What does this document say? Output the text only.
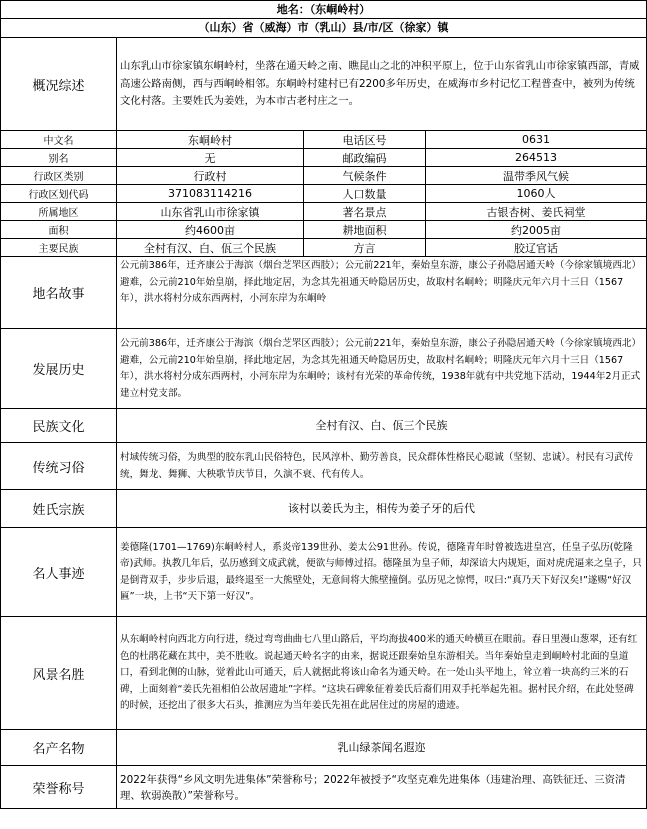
地名：（东峒岭村）			
（山东）省（威海）市（乳山）县/市/区（徐家）镇			
概况综述	山东乳山市徐家镇东峒岭村，坐落在通天岭之南、瞧昆山之北的冲积平原上，位于山东省乳山市徐家镇西部，青威高速公路南侧，西与西峒岭相邻。东峒岭村建村已有2200多年历史，在威海市乡村记忆工程普查中，被列为传统文化村落。主要姓氏为姜姓，为本市古老村庄之一。		
中文名	东峒岭村	电话区号	0631
别名	无	邮政编码	264513
行政区类别	行政村	气候条件	温带季风气候
行政区划代码	371083114216	人口数量	1060人
所属地区	山东省乳山市徐家镇	著名景点	古银杏树、姜氏祠堂
面积	约4600亩	耕地面积	约2005亩
主要民族	全村有汉、白、佤三个民族	方言	胶辽官话
地名故事	公元前386年，迁齐康公于海滨（烟台芝罘区西肢）；公元前221年，秦始皇东游，康公子孙隐居通天岭（今徐家镇境西北）避难，公元前210年始皇崩，择此地定居，为念其先祖通天岭隐居历史，故取村名峒岭；明隆庆元年六月十三日（1567年），洪水将村分成东西两村，小河东岸为东峒岭		
发展历史	公元前386年，迁齐康公于海滨（烟台芝罘区西肢）；公元前221年，秦始皇东游，康公子孙隐居通天岭（今徐家镇境西北）避难，公元前210年始皇崩，择此地定居，为念其先祖通天岭隐居历史，故取村名峒岭；明隆庆元年六月十三日（1567年），洪水将村分成东西两村，小河东岸为东峒岭；该村有光荣的革命传统，1938年就有中共党地下活动，1944年2月正式建立村党支部。		
民族文化	全村有汉、白、佤三个民族		
传统习俗	村域传统习俗，为典型的胶东乳山民俗特色，民风淳朴、勤劳善良，民众群体性格民心聪诚（坚韧、忠诚）。村民有习武传统，舞龙、舞狮、大秧歌节庆节目，久演不衰、代有传人。		
姓氏宗族	该村以姜氏为主，相传为姜子牙的后代		
名人事迹	姜德隆(1701—1769)东峒岭村人，系炎帝139世孙、姜太公91世孙。传说，德隆青年时曾被选进皇宫，任皇子弘历(乾隆帝)武师。执教几年后，弘历感到文成武就，便欲与师傅过招。德隆虽为皇子师，却深谙大内规矩，面对虎虎逼来之皇子，只是倒背双手，步步后退，最终退至一大熊壁处，无意间将大熊壁撞倒。弘历见之惊愕，叹曰:“真乃天下好汉矣!”遂赐“好汉匾”一块，上书“天下第一好汉”。		
风景名胜	从东峒岭村向西北方向行进，绕过弯弯曲曲七八里山路后，平均海拔400米的通天岭横亘在眼前。春日里漫山葱翠，还有红色的杜鹃花藏在其中，美不胜收。说起通天岭名字的由来，据说还跟秦始皇东游相关。当年秦始皇走到峒岭村北面的皇道口，看到北侧的山脉，觉着此山可通天，后人就据此将该山命名为通天岭。在一处山头平地上，耸立着一块高约三米的石碑，上面刻着“姜氏先祖相伯公故居遗址”字样。“这块石碑象征着姜氏后裔们用双手托举起先祖。据村民介绍，在此处竖碑的时候，还挖出了很多大石头，推测应为当年姜氏先祖在此居住过的房屋的遗迹。		
名产名物	乳山绿茶闻名遐迩		
荣誉称号	2022年获得“乡风文明先进集体”荣誉称号；2022年被授予“攻坚克难先进集体（违建治理、高铁征迁、三资清理、软弱涣散）”荣誉称号。		
